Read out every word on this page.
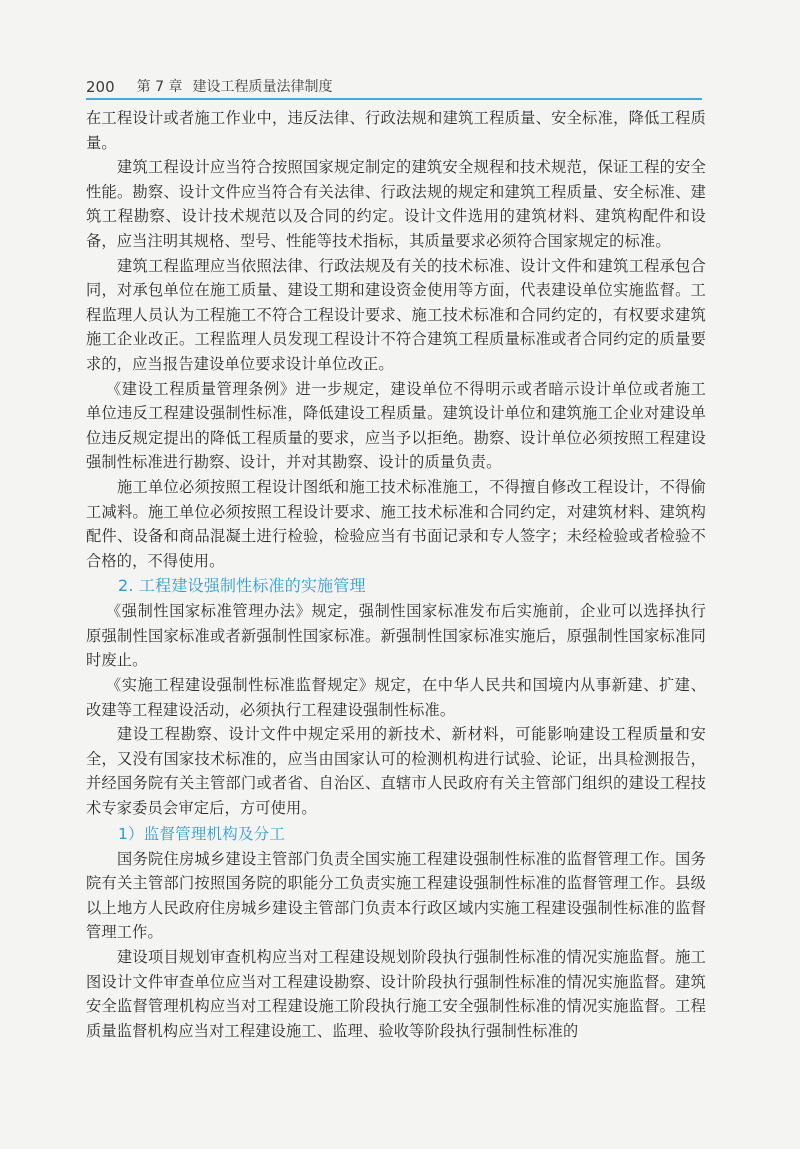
200 第 7 章 建设工程质量法律制度

在工程设计或者施工作业中，违反法律、行政法规和建筑工程质量、安全标准，降低工程质量。

建筑工程设计应当符合按照国家规定制定的建筑安全规程和技术规范，保证工程的安全性能。勘察、设计文件应当符合有关法律、行政法规的规定和建筑工程质量、安全标准、建筑工程勘察、设计技术规范以及合同的约定。设计文件选用的建筑材料、建筑构配件和设备，应当注明其规格、型号、性能等技术指标，其质量要求必须符合国家规定的标准。

建筑工程监理应当依照法律、行政法规及有关的技术标准、设计文件和建筑工程承包合同，对承包单位在施工质量、建设工期和建设资金使用等方面，代表建设单位实施监督。工程监理人员认为工程施工不符合工程设计要求、施工技术标准和合同约定的，有权要求建筑施工企业改正。工程监理人员发现工程设计不符合建筑工程质量标准或者合同约定的质量要求的，应当报告建设单位要求设计单位改正。

《建设工程质量管理条例》进一步规定，建设单位不得明示或者暗示设计单位或者施工单位违反工程建设强制性标准，降低建设工程质量。建筑设计单位和建筑施工企业对建设单位违反规定提出的降低工程质量的要求，应当予以拒绝。勘察、设计单位必须按照工程建设强制性标准进行勘察、设计，并对其勘察、设计的质量负责。

施工单位必须按照工程设计图纸和施工技术标准施工，不得擅自修改工程设计，不得偷工减料。施工单位必须按照工程设计要求、施工技术标准和合同约定，对建筑材料、建筑构配件、设备和商品混凝土进行检验，检验应当有书面记录和专人签字；未经检验或者检验不合格的，不得使用。

2. 工程建设强制性标准的实施管理

《强制性国家标准管理办法》规定，强制性国家标准发布后实施前，企业可以选择执行原强制性国家标准或者新强制性国家标准。新强制性国家标准实施后，原强制性国家标准同时废止。

《实施工程建设强制性标准监督规定》规定，在中华人民共和国境内从事新建、扩建、改建等工程建设活动，必须执行工程建设强制性标准。

建设工程勘察、设计文件中规定采用的新技术、新材料，可能影响建设工程质量和安全，又没有国家技术标准的，应当由国家认可的检测机构进行试验、论证，出具检测报告，并经国务院有关主管部门或者省、自治区、直辖市人民政府有关主管部门组织的建设工程技术专家委员会审定后，方可使用。

1）监督管理机构及分工

国务院住房城乡建设主管部门负责全国实施工程建设强制性标准的监督管理工作。国务院有关主管部门按照国务院的职能分工负责实施工程建设强制性标准的监督管理工作。县级以上地方人民政府住房城乡建设主管部门负责本行政区域内实施工程建设强制性标准的监督管理工作。

建设项目规划审查机构应当对工程建设规划阶段执行强制性标准的情况实施监督。施工图设计文件审查单位应当对工程建设勘察、设计阶段执行强制性标准的情况实施监督。建筑安全监督管理机构应当对工程建设施工阶段执行施工安全强制性标准的情况实施监督。工程质量监督机构应当对工程建设施工、监理、验收等阶段执行强制性标准的
